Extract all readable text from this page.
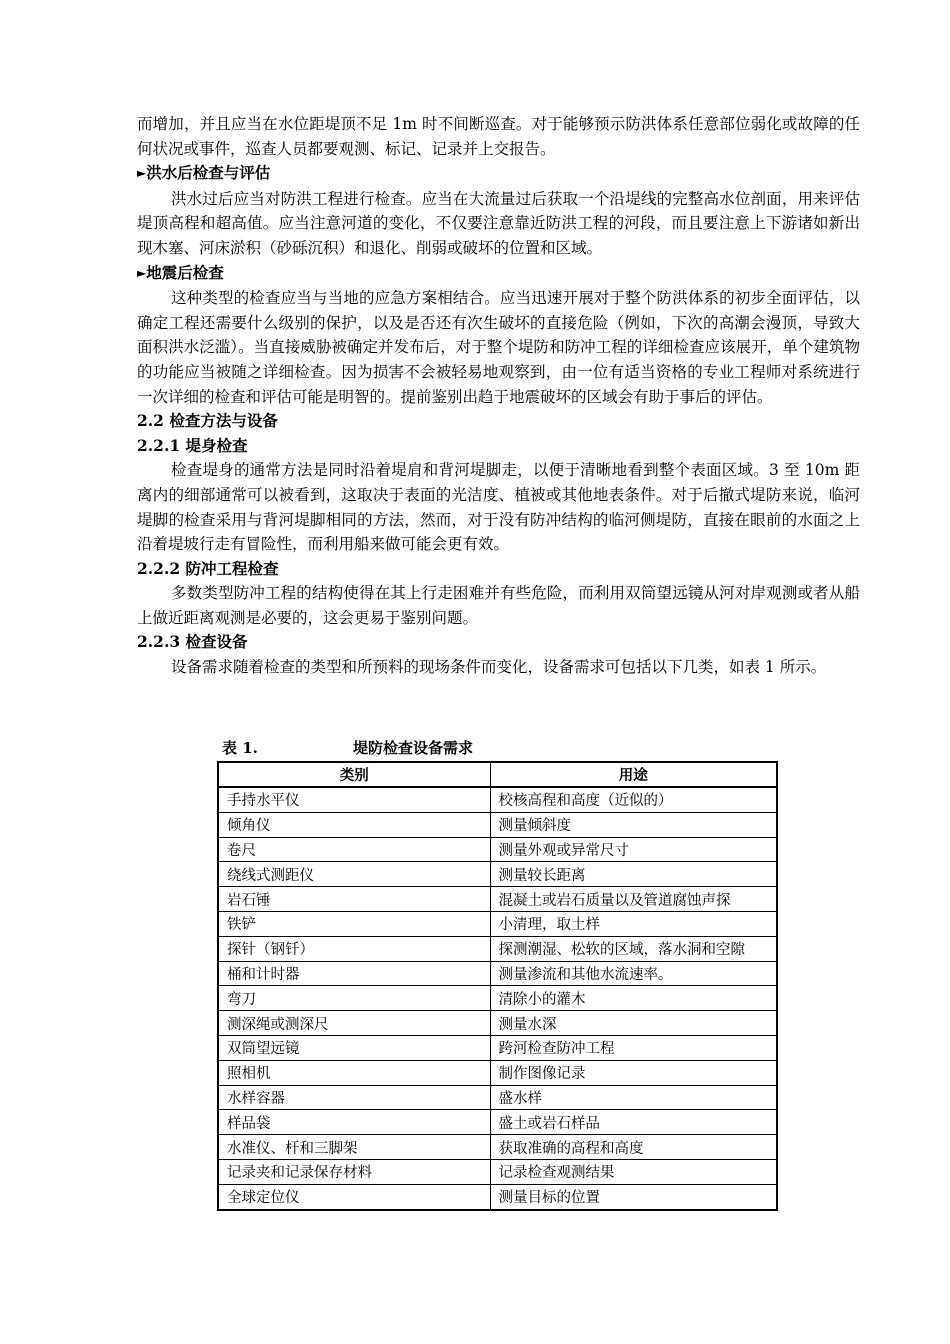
而增加，并且应当在水位距堤顶不足 1m 时不间断巡查。对于能够预示防洪体系任意部位弱化或故障的任何状况或事件，巡查人员都要观测、标记、记录并上交报告。

►洪水后检查与评估

洪水过后应当对防洪工程进行检查。应当在大流量过后获取一个沿堤线的完整高水位剖面，用来评估堤顶高程和超高值。应当注意河道的变化，不仅要注意靠近防洪工程的河段，而且要注意上下游诸如新出现木塞、河床淤积（砂砾沉积）和退化、削弱或破坏的位置和区域。

►地震后检查

这种类型的检查应当与当地的应急方案相结合。应当迅速开展对于整个防洪体系的初步全面评估，以确定工程还需要什么级别的保护，以及是否还有次生破坏的直接危险（例如，下次的高潮会漫顶，导致大面积洪水泛滥）。当直接威胁被确定并发布后，对于整个堤防和防冲工程的详细检查应该展开，单个建筑物的功能应当被随之详细检查。因为损害不会被轻易地观察到，由一位有适当资格的专业工程师对系统进行一次详细的检查和评估可能是明智的。提前鉴别出趋于地震破坏的区域会有助于事后的评估。

2.2 检查方法与设备
2.2.1 堤身检查

检查堤身的通常方法是同时沿着堤肩和背河堤脚走，以便于清晰地看到整个表面区域。3 至 10m 距离内的细部通常可以被看到，这取决于表面的光洁度、植被或其他地表条件。对于后撤式堤防来说，临河堤脚的检查采用与背河堤脚相同的方法，然而，对于没有防冲结构的临河侧堤防，直接在眼前的水面之上沿着堤坡行走有冒险性，而利用船来做可能会更有效。

2.2.2 防冲工程检查

多数类型防冲工程的结构使得在其上行走困难并有些危险，而利用双筒望远镜从河对岸观测或者从船上做近距离观测是必要的，这会更易于鉴别问题。

2.2.3 检查设备

设备需求随着检查的类型和所预料的现场条件而变化，设备需求可包括以下几类，如表 1 所示。

表 1.	堤防检查设备需求
类别	用途
手持水平仪	校核高程和高度（近似的）
倾角仪	测量倾斜度
卷尺	测量外观或异常尺寸
绕线式测距仪	测量较长距离
岩石锤	混凝土或岩石质量以及管道腐蚀声探
铁铲	小清理，取土样
探针（钢钎）	探测潮湿、松软的区域，落水洞和空隙
桶和计时器	测量渗流和其他水流速率。
弯刀	清除小的灌木
测深绳或测深尺	测量水深
双筒望远镜	跨河检查防冲工程
照相机	制作图像记录
水样容器	盛水样
样品袋	盛土或岩石样品
水准仪、杆和三脚架	获取准确的高程和高度
记录夹和记录保存材料	记录检查观测结果
全球定位仪	测量目标的位置
